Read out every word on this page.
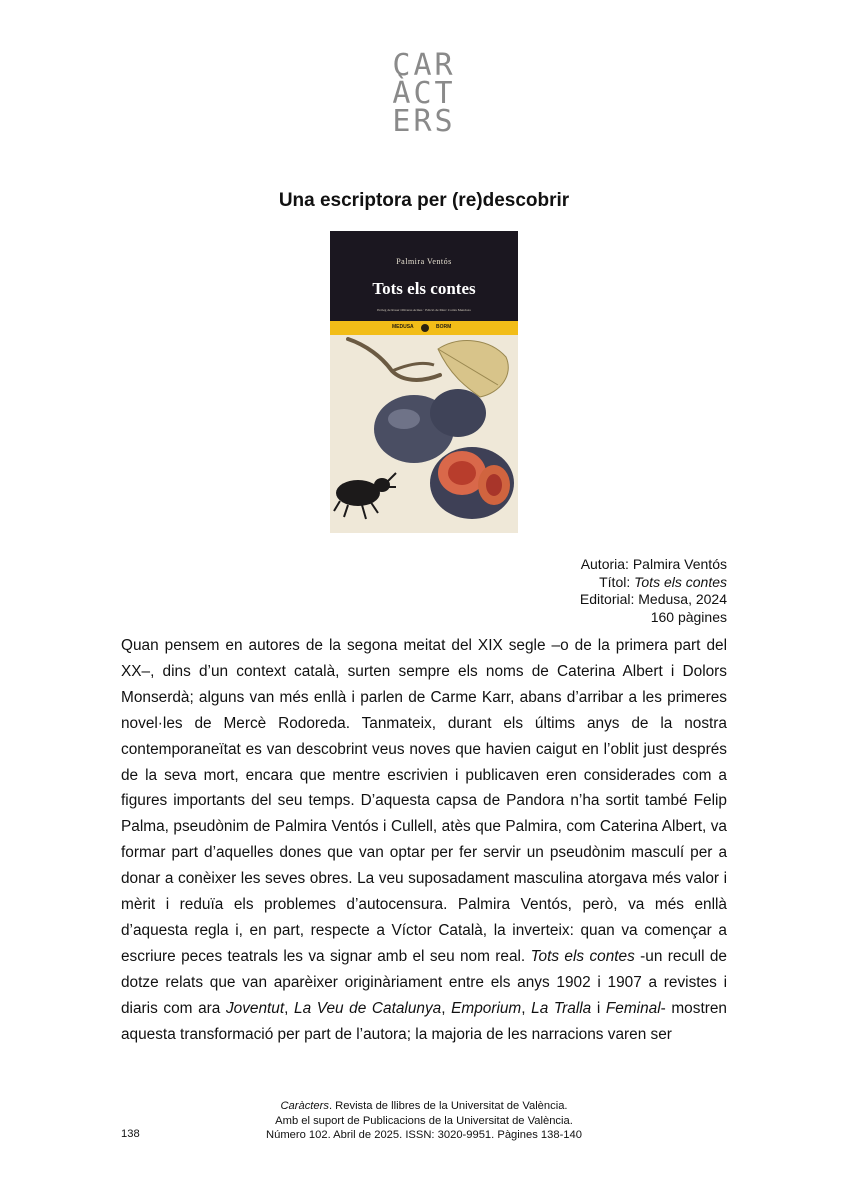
CAR
ÀCT
ERS
Una escriptora per (re)descobrir
Palmira Ventós
Tots els contes
Pròleg de Roser Oliveras Armas · Edició de Marc Cortés Mendoza
MEDUSA	BORM
Autoria: Palmira Ventós
Títol: Tots els contes
Editorial: Medusa, 2024
160 pàgines

Quan pensem en autores de la segona meitat del XIX segle –o de la primera part del XX–, dins d’un context català, surten sempre els noms de Caterina Albert i Dolors Monserdà; alguns van més enllà i parlen de Carme Karr, abans d’arribar a les primeres novel·les de Mercè Rodoreda. Tanmateix, durant els últims anys de la nostra contemporaneïtat es van descobrint veus noves que havien caigut en l’oblit just després de la seva mort, encara que mentre escrivien i publicaven eren considerades com a figures importants del seu temps. D’aquesta capsa de Pandora n’ha sortit també Felip Palma, pseudònim de Palmira Ventós i Cullell, atès que Palmira, com Caterina Albert, va formar part d’aquelles dones que van optar per fer servir un pseudònim masculí per a donar a conèixer les seves obres. La veu suposadament masculina atorgava més valor i mèrit i reduïa els problemes d’autocensura. Palmira Ventós, però, va més enllà d’aquesta regla i, en part, respecte a Víctor Català, la inverteix: quan va començar a escriure peces teatrals les va signar amb el seu nom real. Tots els contes -un recull de dotze relats que van aparèixer originàriament entre els anys 1902 i 1907 a revistes i diaris com ara Joventut, La Veu de Catalunya, Emporium, La Tralla i Feminal- mostren aquesta transformació per part de l’autora; la majoria de les narracions varen ser

Caràcters. Revista de llibres de la Universitat de València.
Amb el suport de Publicacions de la Universitat de València.
Número 102. Abril de 2025. ISSN: 3020-9951. Pàgines 138-140
138
